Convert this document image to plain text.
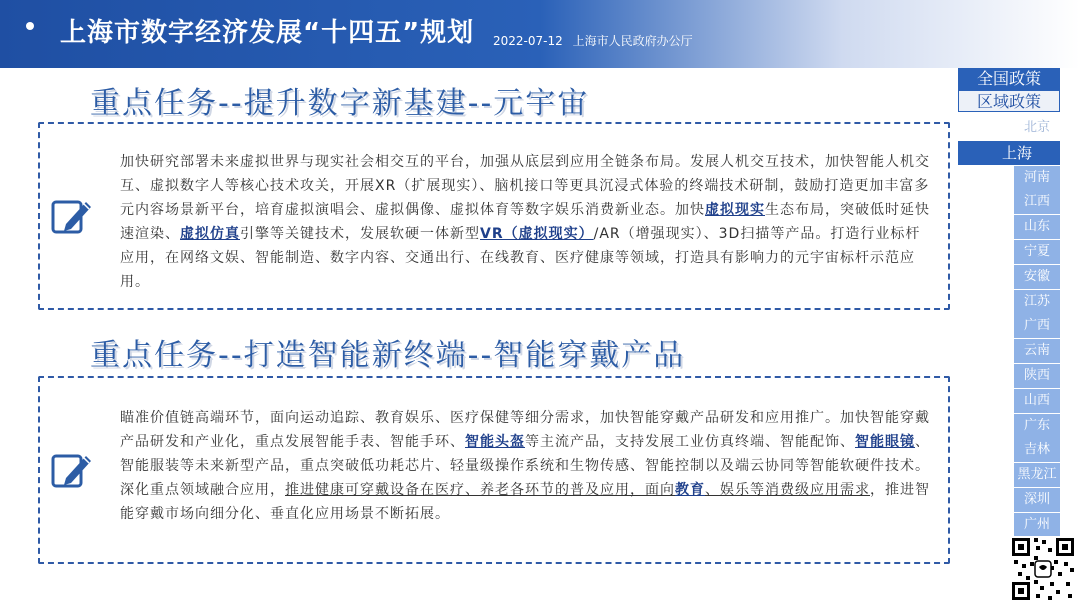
上海市数字经济发展“十四五”规划 2022-07-12 上海市人民政府办公厅
重点任务--提升数字新基建--元宇宙
加快研究部署未来虚拟世界与现实社会相交互的平台，加强从底层到应用全链条布局。发展人机交互技术，加快智能人机交互、虚拟数字人等核心技术攻关，开展XR（扩展现实）、脑机接口等更具沉浸式体验的终端技术研制，鼓励打造更加丰富多元内容场景新平台，培育虚拟演唱会、虚拟偶像、虚拟体育等数字娱乐消费新业态。加快虚拟现实生态布局，突破低时延快速渲染、虚拟仿真引擎等关键技术，发展软硬一体新型VR（虚拟现实）/AR（增强现实）、3D扫描等产品。打造行业标杆应用，在网络文娱、智能制造、数字内容、交通出行、在线教育、医疗健康等领域，打造具有影响力的元宇宙标杆示范应用。
重点任务--打造智能新终端--智能穿戴产品
瞄准价值链高端环节，面向运动追踪、教育娱乐、医疗保健等细分需求，加快智能穿戴产品研发和应用推广。加快智能穿戴产品研发和产业化，重点发展智能手表、智能手环、智能头盔等主流产品，支持发展工业仿真终端、智能配饰、智能眼镜、智能服装等未来新型产品，重点突破低功耗芯片、轻量级操作系统和生物传感、智能控制以及端云协同等智能软硬件技术。深化重点领域融合应用，推进健康可穿戴设备在医疗、养老各环节的普及应用，面向教育、娱乐等消费级应用需求，推进智能穿戴市场向细分化、垂直化应用场景不断拓展。
全国政策
区域政策
北京
上海
河南
江西
山东
宁夏
安徽
江苏
广西
云南
陕西
山西
广东
吉林
黑龙江
深圳
广州
